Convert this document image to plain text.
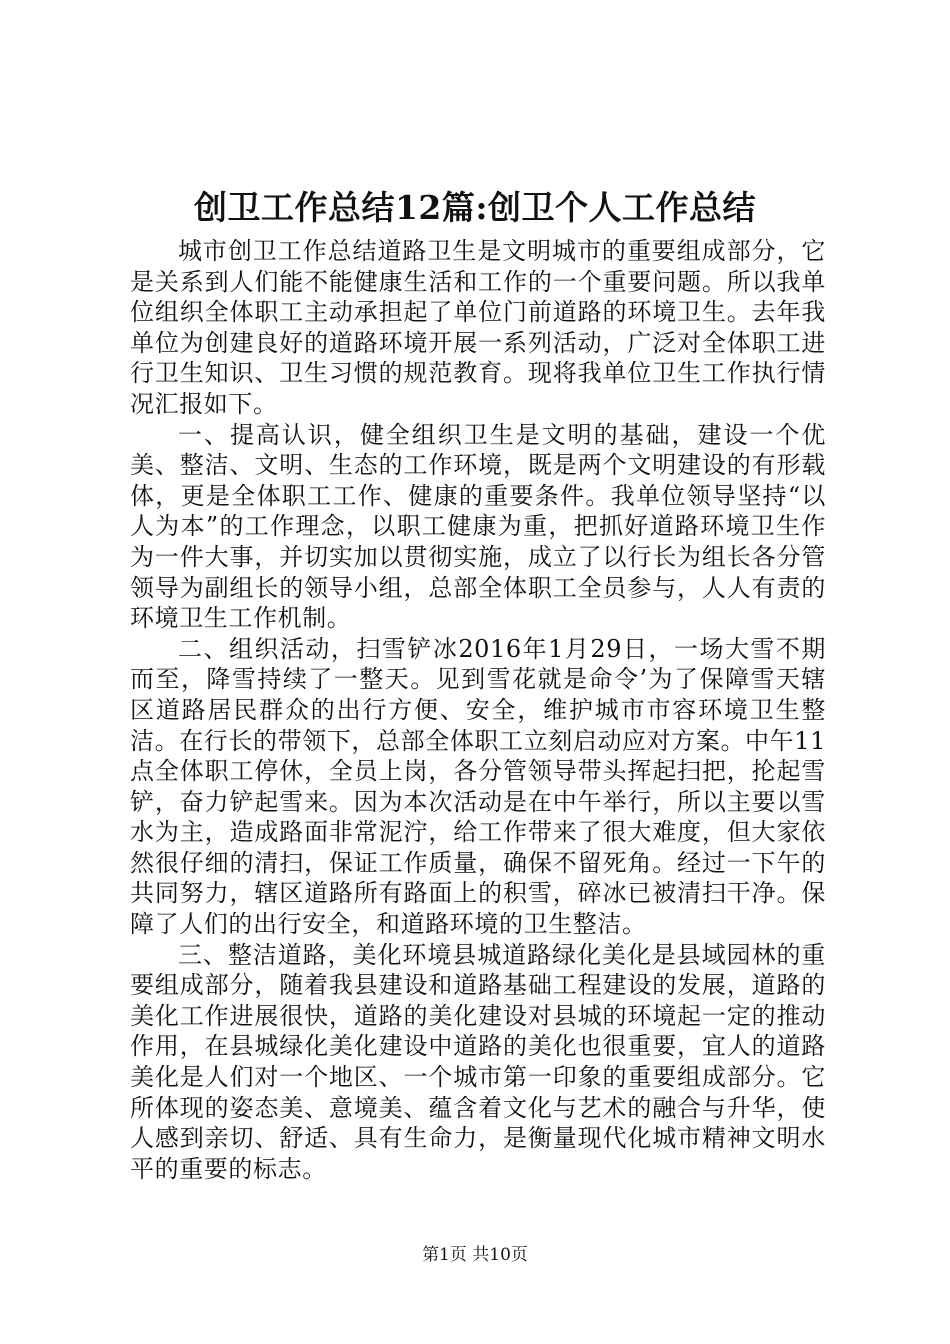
创卫工作总结12篇:创卫个人工作总结

城市创卫工作总结道路卫生是文明城市的重要组成部分，它是关系到人们能不能健康生活和工作的一个重要问题。所以我单位组织全体职工主动承担起了单位门前道路的环境卫生。去年我单位为创建良好的道路环境开展一系列活动，广泛对全体职工进行卫生知识、卫生习惯的规范教育。现将我单位卫生工作执行情况汇报如下。

一、提高认识，健全组织卫生是文明的基础，建设一个优美、整洁、文明、生态的工作环境，既是两个文明建设的有形载体，更是全体职工工作、健康的重要条件。我单位领导坚持“以人为本”的工作理念，以职工健康为重，把抓好道路环境卫生作为一件大事，并切实加以贯彻实施，成立了以行长为组长各分管领导为副组长的领导小组，总部全体职工全员参与，人人有责的环境卫生工作机制。

二、组织活动，扫雪铲冰2016年1月29日，一场大雪不期而至，降雪持续了一整天。见到雪花就是命令’为了保障雪天辖区道路居民群众的出行方便、安全，维护城市市容环境卫生整洁。在行长的带领下，总部全体职工立刻启动应对方案。中午11点全体职工停休，全员上岗，各分管领导带头挥起扫把，抡起雪铲，奋力铲起雪来。因为本次活动是在中午举行，所以主要以雪水为主，造成路面非常泥泞，给工作带来了很大难度，但大家依然很仔细的清扫，保证工作质量，确保不留死角。经过一下午的共同努力，辖区道路所有路面上的积雪，碎冰已被清扫干净。保障了人们的出行安全，和道路环境的卫生整洁。

三、整洁道路，美化环境县城道路绿化美化是县域园林的重要组成部分，随着我县建设和道路基础工程建设的发展，道路的美化工作进展很快，道路的美化建设对县城的环境起一定的推动作用，在县城绿化美化建设中道路的美化也很重要，宜人的道路美化是人们对一个地区、一个城市第一印象的重要组成部分。它所体现的姿态美、意境美、蕴含着文化与艺术的融合与升华，使人感到亲切、舒适、具有生命力，是衡量现代化城市精神文明水平的重要的标志。

第1页 共10页
